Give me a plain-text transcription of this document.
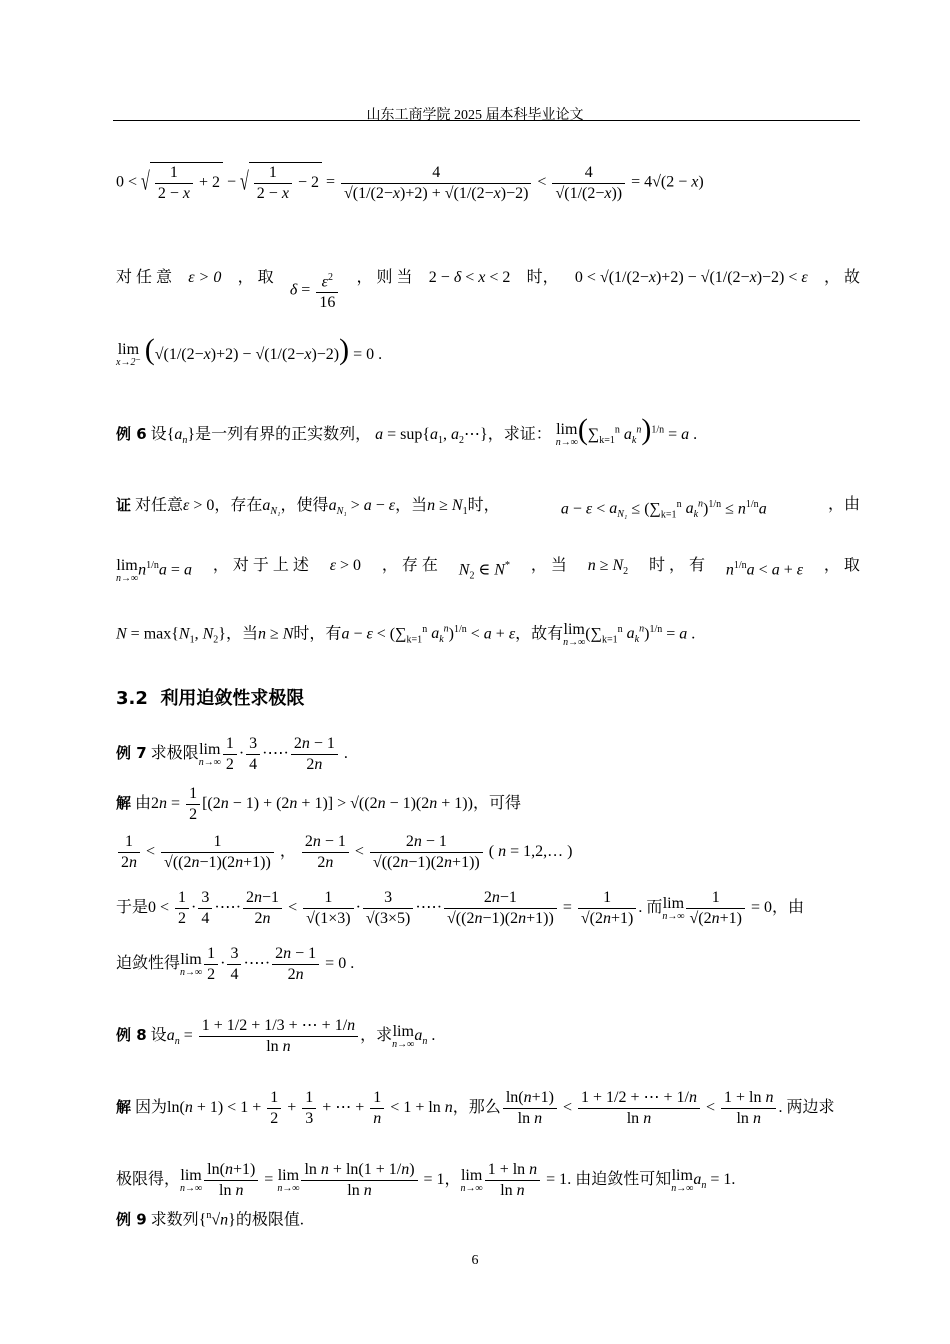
山东工商学院 2025 届本科毕业论文
0 < √ $\frac{1}{2 - x} + 2$ − √ $\frac{1}{2 - x} - 2 = \frac{4}{√(1/(2-x)+2) + √(1/(2-x)-2)} < \frac{4}{√(1/(2-x))} = 4√(2 - x)$
对 任 意 ε > 0 ， 取
$\delta = \frac{\varepsilon^2}{16}$ ， 则 当 2 − δ < x < 2 时， 0 < √(1/(2−x)+2) − √(1/(2−x)−2) < ε ， 故
lim
x→2⁻ (√(1/(2−x)+2) − √(1/(2−x)−2)) = 0 .
例 6 设$\{a_n\}$是一列有界的正实数列， $a = sup\{a_1$, $a_2\cdots$}，求证： lim
n→∞ ($\sum_{k=1}^n$ $a_k^n)^{1/n} = a$ .
证 对任意ε > 0，存在$a_{N_1}$，使得$a_{N_1} > a - \varepsilon$，当$n \ge N_1$时，	$a - \varepsilon < a_{N_1} \le (\sum_{k=1}^n$ $a_k^n)^{1/n} \le n^{1/n}a$	，由
lim
n→∞ $n^{1/n}a = a$ ， 对 于 上 述 ε > 0 ， 存 在 $N_2$ ∈ N* ， 当 $n \ge N_2$ 时 ， 有 $n^{1/n}a < a + \varepsilon$ ， 取
$N = \max\{N_1$, $N_2$}，当n ≥ N时，有$a - \varepsilon < (\sum_{k=1}^n$ $a_k^n)^{1/n} < a + \varepsilon$，故有lim
n→∞ ($\sum_{k=1}^n$ $a_k^n)^{1/n} = a$ .
3.2 利用迫敛性求极限
例 7 求极限lim
$n\to\infty \frac{1}{2} \cdot \frac{3}{4}$ ·⋯· $\frac{2n - 1}{2n}$ .
解 由$2n = \frac{1}{2} [(2n - 1) + (2n + 1)] > √((2n - 1)(2n + 1))$，可得
$\frac{1}{2n} < \frac{1}{√((2n-1)(2n+1))}$ ， $\frac{2n - 1}{2n} < \frac{2n - 1}{√((2n-1)(2n+1))}$ ( n = 1,2,… )
于是$0 < \frac{1}{2} \cdot \frac{3}{4}$ ·⋯· $\frac{2n-1}{2n} < \frac{1}{√(1\times 3)} \cdot \frac{3}{√(3\times 5)}$ ·⋯· $\frac{2n-1}{√((2n-1)(2n+1))} = \frac{1}{√(2n+1)}$ . 而lim
$n\to\infty \frac{1}{√(2n+1)} = 0$，由
迫敛性得lim
$n\to\infty \frac{1}{2} \cdot \frac{3}{4}$ ·⋯· $\frac{2n - 1}{2n} = 0$ .
例 8 设$a_n = \frac{1 + 1/2 + 1/3 + \cdots + 1/n}{\text{ln n}}$ ，求lim
n→∞ $a_n$ .
解 因为$\ln(n + 1) < 1 + \frac{1}{2} + \frac{1}{3}$ + ⋯ + $\frac{1}{n} < 1 + \ln n$，那么 $\frac{\ln(n+1)}{\text{ln n}} < \frac{1 + 1/2 + \cdots + 1/n}{\text{ln n}} < \frac{\text{1 + ln n}}{\text{ln n}}$ . 两边求
极限得，lim
$n\to\infty \frac{\ln(n+1)}{\text{ln n}} = \lim$
$n\to\infty \frac{\text{ln n + ln(1 + 1/n)}}{\text{ln n}} = 1$，lim
$n\to\infty \frac{\text{1 + ln n}}{\text{ln n}} = 1$. 由迫敛性可知lim
n→∞ $a_n = 1$.
例 9 求数列{$^n$√n}的极限值.
6
